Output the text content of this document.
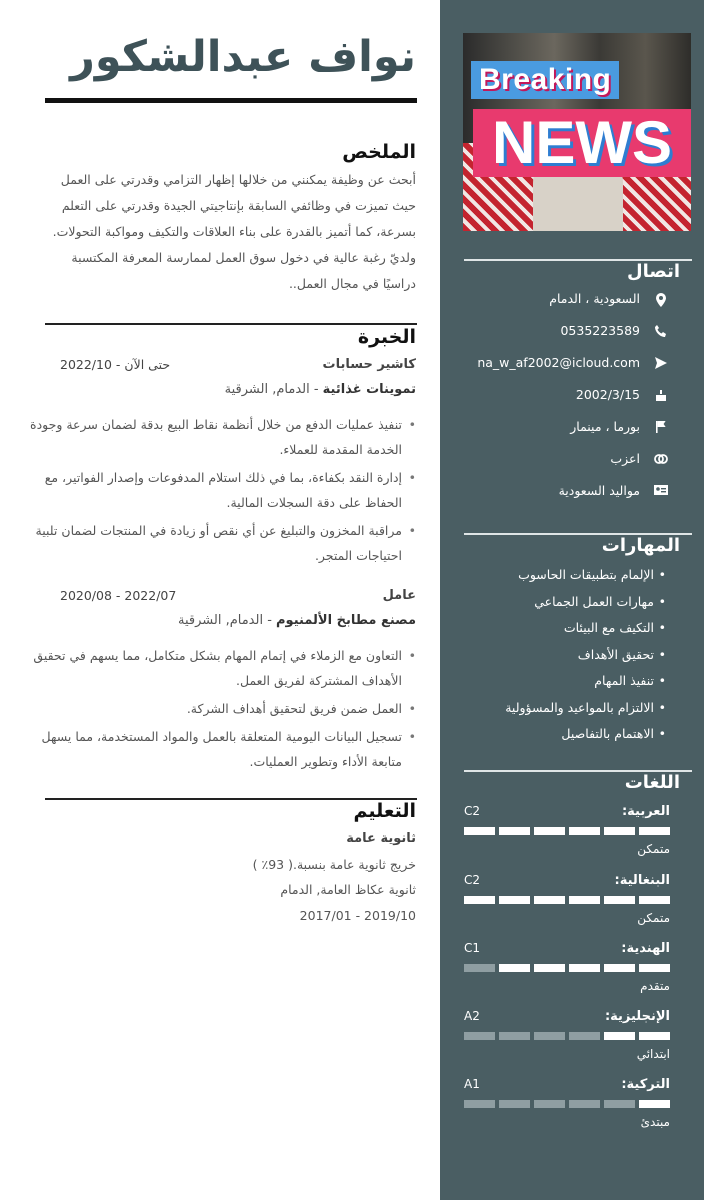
نواف عبدالشكور
الملخص
أبحث عن وظيفة يمكنني من خلالها إظهار التزامي وقدرتي على العمل
حيث تميزت في وظائفي السابقة بإنتاجيتي الجيدة وقدرتي على التعلم
بسرعة، كما أتميز بالقدرة على بناء العلاقات والتكيف ومواكبة التحولات.
ولديّ رغبة عالية في دخول سوق العمل لممارسة المعرفة المكتسبة
دراسيًا في مجال العمل..
الخبرة
كاشير حسابات
2022/10 - حتى الآن
تموينات غذائية - الدمام, الشرقية
• تنفيذ عمليات الدفع من خلال أنظمة نقاط البيع بدقة لضمان سرعة وجودة الخدمة المقدمة للعملاء.
• إدارة النقد بكفاءة، بما في ذلك استلام المدفوعات وإصدار الفواتير، مع الحفاظ على دقة السجلات المالية.
• مراقبة المخزون والتبليغ عن أي نقص أو زيادة في المنتجات لضمان تلبية احتياجات المتجر.
عامل
2020/08 - 2022/07
مصنع مطابخ الألمنيوم - الدمام, الشرقية
• التعاون مع الزملاء في إتمام المهام بشكل متكامل، مما يسهم في تحقيق الأهداف المشتركة لفريق العمل.
• العمل ضمن فريق لتحقيق أهداف الشركة.
• تسجيل البيانات اليومية المتعلقة بالعمل والمواد المستخدمة، مما يسهل متابعة الأداء وتطوير العمليات.
التعليم
ثانوية عامة
خريج ثانوية عامة بنسبة.( 93٪ )
ثانوية عكاظ العامة, الدمام
2017/01 - 2019/10
Breaking
NEWS
اتصال
السعودية ، الدمام
0535223589
na_w_af2002@icloud.com
2002/3/15
بورما ، مينمار
اعزب
مواليد السعودية
المهارات
• الإلمام بتطبيقات الحاسوب
• مهارات العمل الجماعي
• التكيف مع البيئات
• تحقيق الأهداف
• تنفيذ المهام
• الالتزام بالمواعيد والمسؤولية
• الاهتمام بالتفاصيل
اللغات
العربية:
C2
متمكن
البنغالية:
C2
متمكن
الهندية:
C1
متقدم
الإنجليزية:
A2
ابتدائي
التركية:
A1
مبتدئ
